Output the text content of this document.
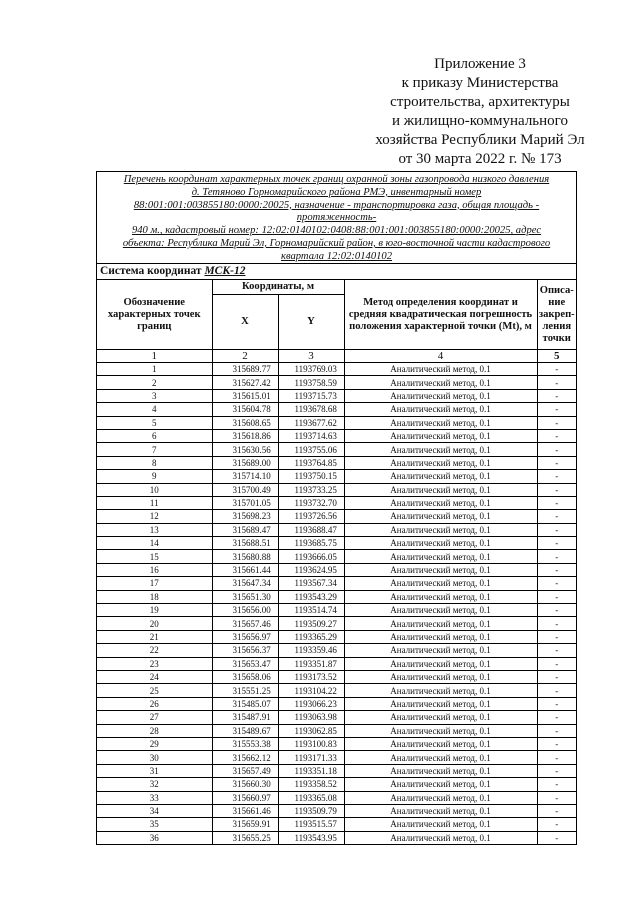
Приложение 3
к приказу Министерства
строительства, архитектуры
и жилищно-коммунального
хозяйства Республики Марий Эл
от 30 марта 2022 г. № 173
Перечень координат характерных точек границ охранной зоны газопровода низкого давления
д. Тетяново Горномарийского района РМЭ, инвентарный номер
88:001:001:003855180:0000:20025, назначение - транспортировка газа, общая площадь -
протяженность-
940 м., кадастровый номер: 12:02:0140102:0408:88:001:001:003855180:0000:20025, адрес
объекта: Республика Марий Эл, Горномарийский район, в юго-восточной части кадастрового
квартала 12:02:0140102
Система координат МСК-12
Обозначение характерных точек границ	Координаты, м		Метод определения координат и средняя квадратическая погрешность положения характерной точки (Mt), м	Описа-ние закреп-ления точки
	X	Y		
1	2	3	4	5
1	315689.77	1193769.03	Аналитический метод, 0.1	-
2	315627.42	1193758.59	Аналитический метод, 0.1	-
3	315615.01	1193715.73	Аналитический метод, 0.1	-
4	315604.78	1193678.68	Аналитический метод, 0.1	-
5	315608.65	1193677.62	Аналитический метод, 0.1	-
6	315618.86	1193714.63	Аналитический метод, 0.1	-
7	315630.56	1193755.06	Аналитический метод, 0.1	-
8	315689.00	1193764.85	Аналитический метод, 0.1	-
9	315714.10	1193750.15	Аналитический метод, 0.1	-
10	315700.49	1193733.25	Аналитический метод, 0.1	-
11	315701.05	1193732.70	Аналитический метод, 0.1	-
12	315698.23	1193726.56	Аналитический метод, 0.1	-
13	315689.47	1193688.47	Аналитический метод, 0.1	-
14	315688.51	1193685.75	Аналитический метод, 0.1	-
15	315680.88	1193666.05	Аналитический метод, 0.1	-
16	315661.44	1193624.95	Аналитический метод, 0.1	-
17	315647.34	1193567.34	Аналитический метод, 0.1	-
18	315651.30	1193543.29	Аналитический метод, 0.1	-
19	315656.00	1193514.74	Аналитический метод, 0.1	-
20	315657.46	1193509.27	Аналитический метод, 0.1	-
21	315656.97	1193365.29	Аналитический метод, 0.1	-
22	315656.37	1193359.46	Аналитический метод, 0.1	-
23	315653.47	1193351.87	Аналитический метод, 0.1	-
24	315658.06	1193173.52	Аналитический метод, 0.1	-
25	315551.25	1193104.22	Аналитический метод, 0.1	-
26	315485.07	1193066.23	Аналитический метод, 0.1	-
27	315487.91	1193063.98	Аналитический метод, 0.1	-
28	315489.67	1193062.85	Аналитический метод, 0.1	-
29	315553.38	1193100.83	Аналитический метод, 0.1	-
30	315662.12	1193171.33	Аналитический метод, 0.1	-
31	315657.49	1193351.18	Аналитический метод, 0.1	-
32	315660.30	1193358.52	Аналитический метод, 0.1	-
33	315660.97	1193365.08	Аналитический метод, 0.1	-
34	315661.46	1193509.79	Аналитический метод, 0.1	-
35	315659.91	1193515.57	Аналитический метод, 0.1	-
36	315655.25	1193543.95	Аналитический метод, 0.1	-
